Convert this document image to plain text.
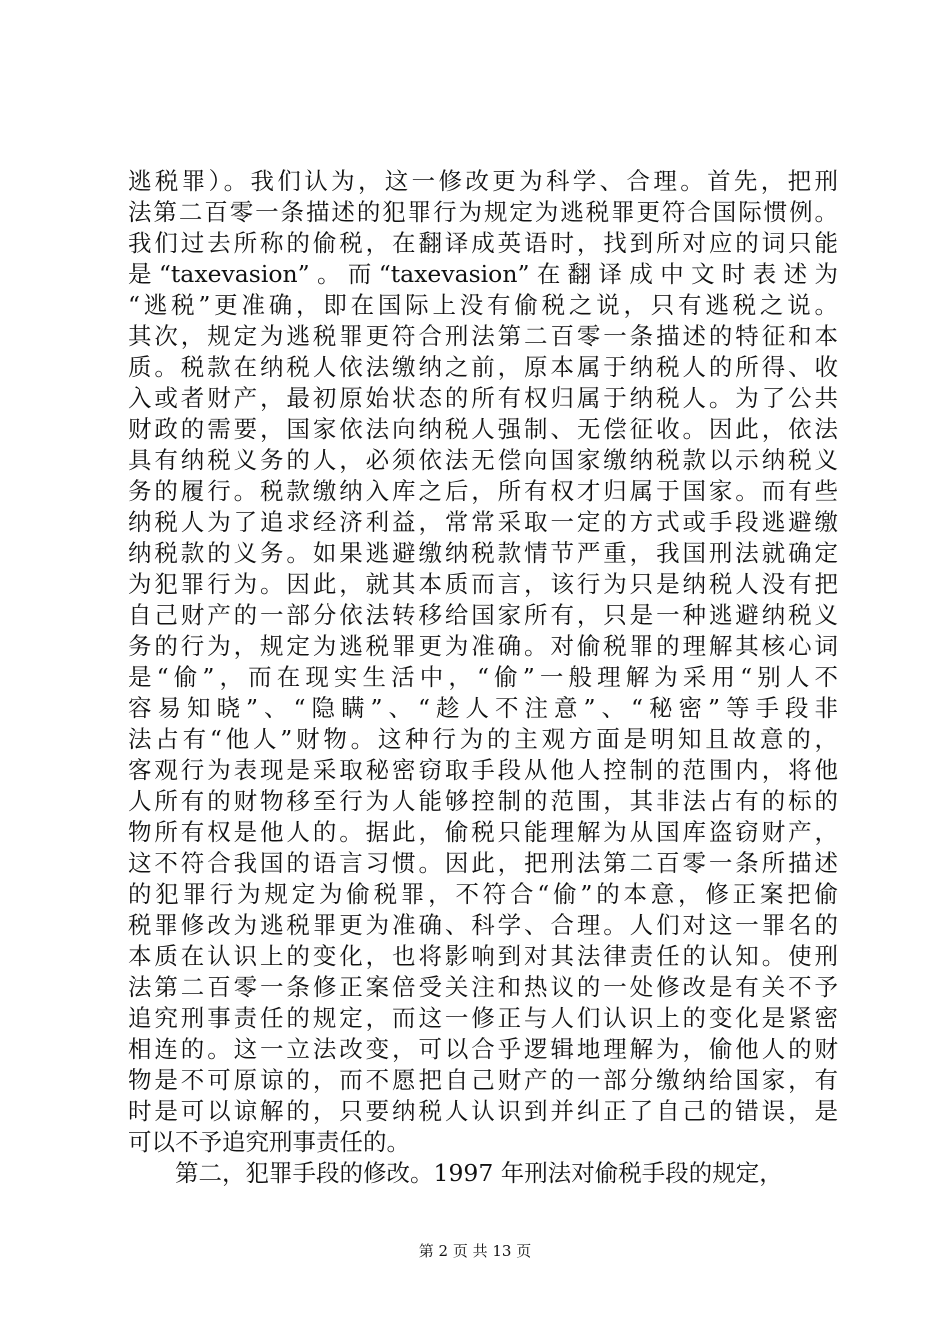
逃税罪）。我们认为，这一修改更为科学、合理。首先，把刑
法第二百零一条描述的犯罪行为规定为逃税罪更符合国际惯例。
我们过去所称的偷税，在翻译成英语时，找到所对应的词只能
是“taxevasion”。而“taxevasion”在翻译成中文时表述为
“逃税”更准确，即在国际上没有偷税之说，只有逃税之说。
其次，规定为逃税罪更符合刑法第二百零一条描述的特征和本
质。税款在纳税人依法缴纳之前，原本属于纳税人的所得、收
入或者财产，最初原始状态的所有权归属于纳税人。为了公共
财政的需要，国家依法向纳税人强制、无偿征收。因此，依法
具有纳税义务的人，必须依法无偿向国家缴纳税款以示纳税义
务的履行。税款缴纳入库之后，所有权才归属于国家。而有些
纳税人为了追求经济利益，常常采取一定的方式或手段逃避缴
纳税款的义务。如果逃避缴纳税款情节严重，我国刑法就确定
为犯罪行为。因此，就其本质而言，该行为只是纳税人没有把
自己财产的一部分依法转移给国家所有，只是一种逃避纳税义
务的行为，规定为逃税罪更为准确。对偷税罪的理解其核心词
是“偷”，而在现实生活中，“偷”一般理解为采用“别人不
容易知晓”、“隐瞒”、“趁人不注意”、“秘密”等手段非
法占有“他人”财物。这种行为的主观方面是明知且故意的，
客观行为表现是采取秘密窃取手段从他人控制的范围内，将他
人所有的财物移至行为人能够控制的范围，其非法占有的标的
物所有权是他人的。据此，偷税只能理解为从国库盗窃财产，
这不符合我国的语言习惯。因此，把刑法第二百零一条所描述
的犯罪行为规定为偷税罪，不符合“偷”的本意，修正案把偷
税罪修改为逃税罪更为准确、科学、合理。人们对这一罪名的
本质在认识上的变化，也将影响到对其法律责任的认知。使刑
法第二百零一条修正案倍受关注和热议的一处修改是有关不予
追究刑事责任的规定，而这一修正与人们认识上的变化是紧密
相连的。这一立法改变，可以合乎逻辑地理解为，偷他人的财
物是不可原谅的，而不愿把自己财产的一部分缴纳给国家，有
时是可以谅解的，只要纳税人认识到并纠正了自己的错误，是
可以不予追究刑事责任的。
第二，犯罪手段的修改。1997 年刑法对偷税手段的规定，
第 2 页 共 13 页
